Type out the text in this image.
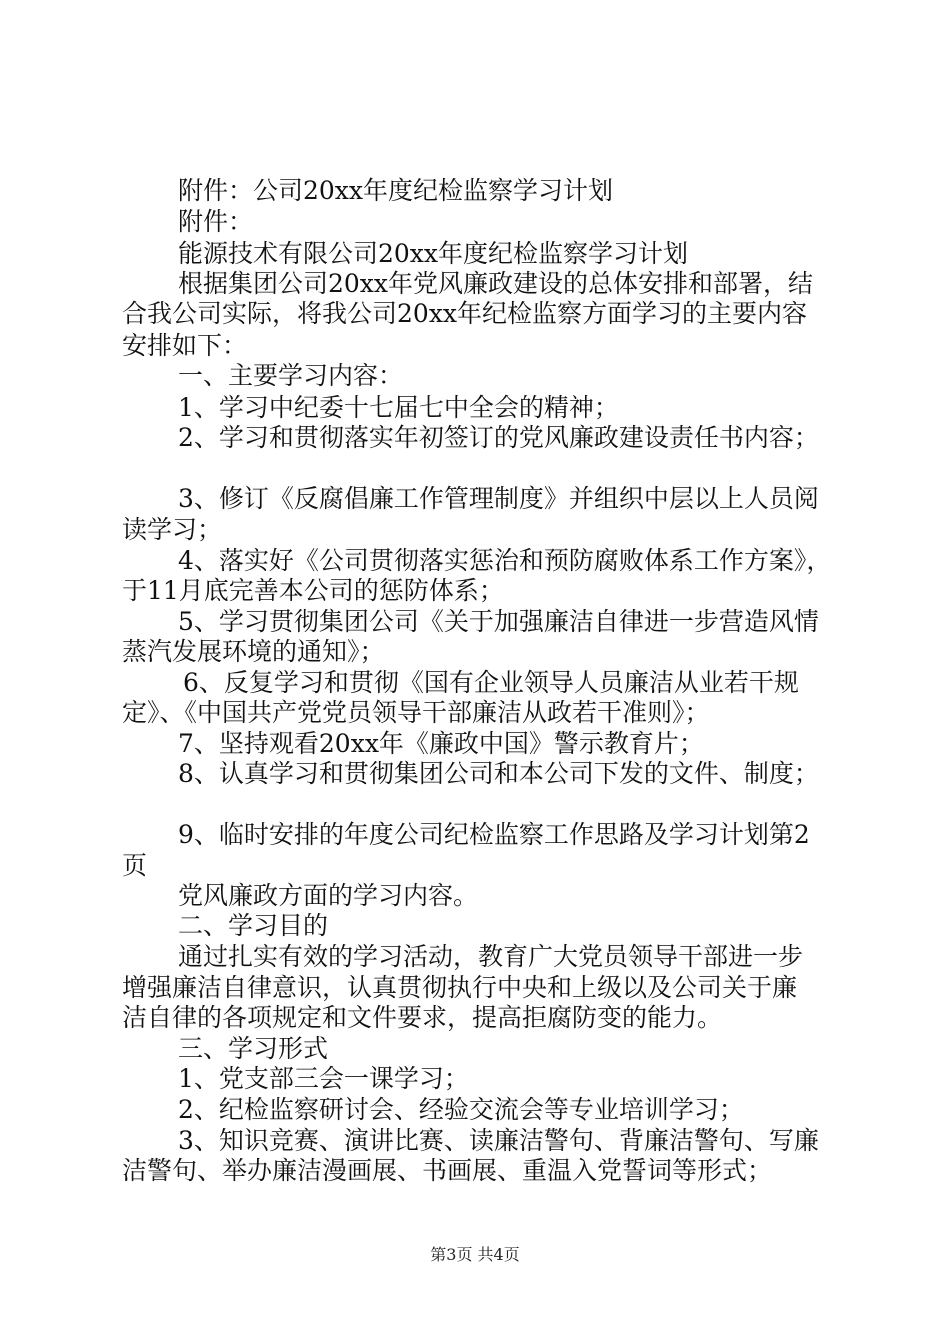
附件：公司20xx年度纪检监察学习计划
附件：
能源技术有限公司20xx年度纪检监察学习计划
根据集团公司20xx年党风廉政建设的总体安排和部署，结
合我公司实际，将我公司20xx年纪检监察方面学习的主要内容
安排如下：
一、主要学习内容：
1、学习中纪委十七届七中全会的精神；
2、学习和贯彻落实年初签订的党风廉政建设责任书内容；
3、修订《反腐倡廉工作管理制度》并组织中层以上人员阅
读学习；
4、落实好《公司贯彻落实惩治和预防腐败体系工作方案》，
于11月底完善本公司的惩防体系；
5、学习贯彻集团公司《关于加强廉洁自律进一步营造风情
蒸汽发展环境的通知》；
6、反复学习和贯彻《国有企业领导人员廉洁从业若干规
定》、《中国共产党党员领导干部廉洁从政若干准则》；
7、坚持观看20xx年《廉政中国》警示教育片；
8、认真学习和贯彻集团公司和本公司下发的文件、制度；
9、临时安排的年度公司纪检监察工作思路及学习计划第2
页
党风廉政方面的学习内容。
二、学习目的
通过扎实有效的学习活动，教育广大党员领导干部进一步
增强廉洁自律意识，认真贯彻执行中央和上级以及公司关于廉
洁自律的各项规定和文件要求，提高拒腐防变的能力。
三、学习形式
1、党支部三会一课学习；
2、纪检监察研讨会、经验交流会等专业培训学习；
3、知识竞赛、演讲比赛、读廉洁警句、背廉洁警句、写廉
洁警句、举办廉洁漫画展、书画展、重温入党誓词等形式；
第3页 共4页
